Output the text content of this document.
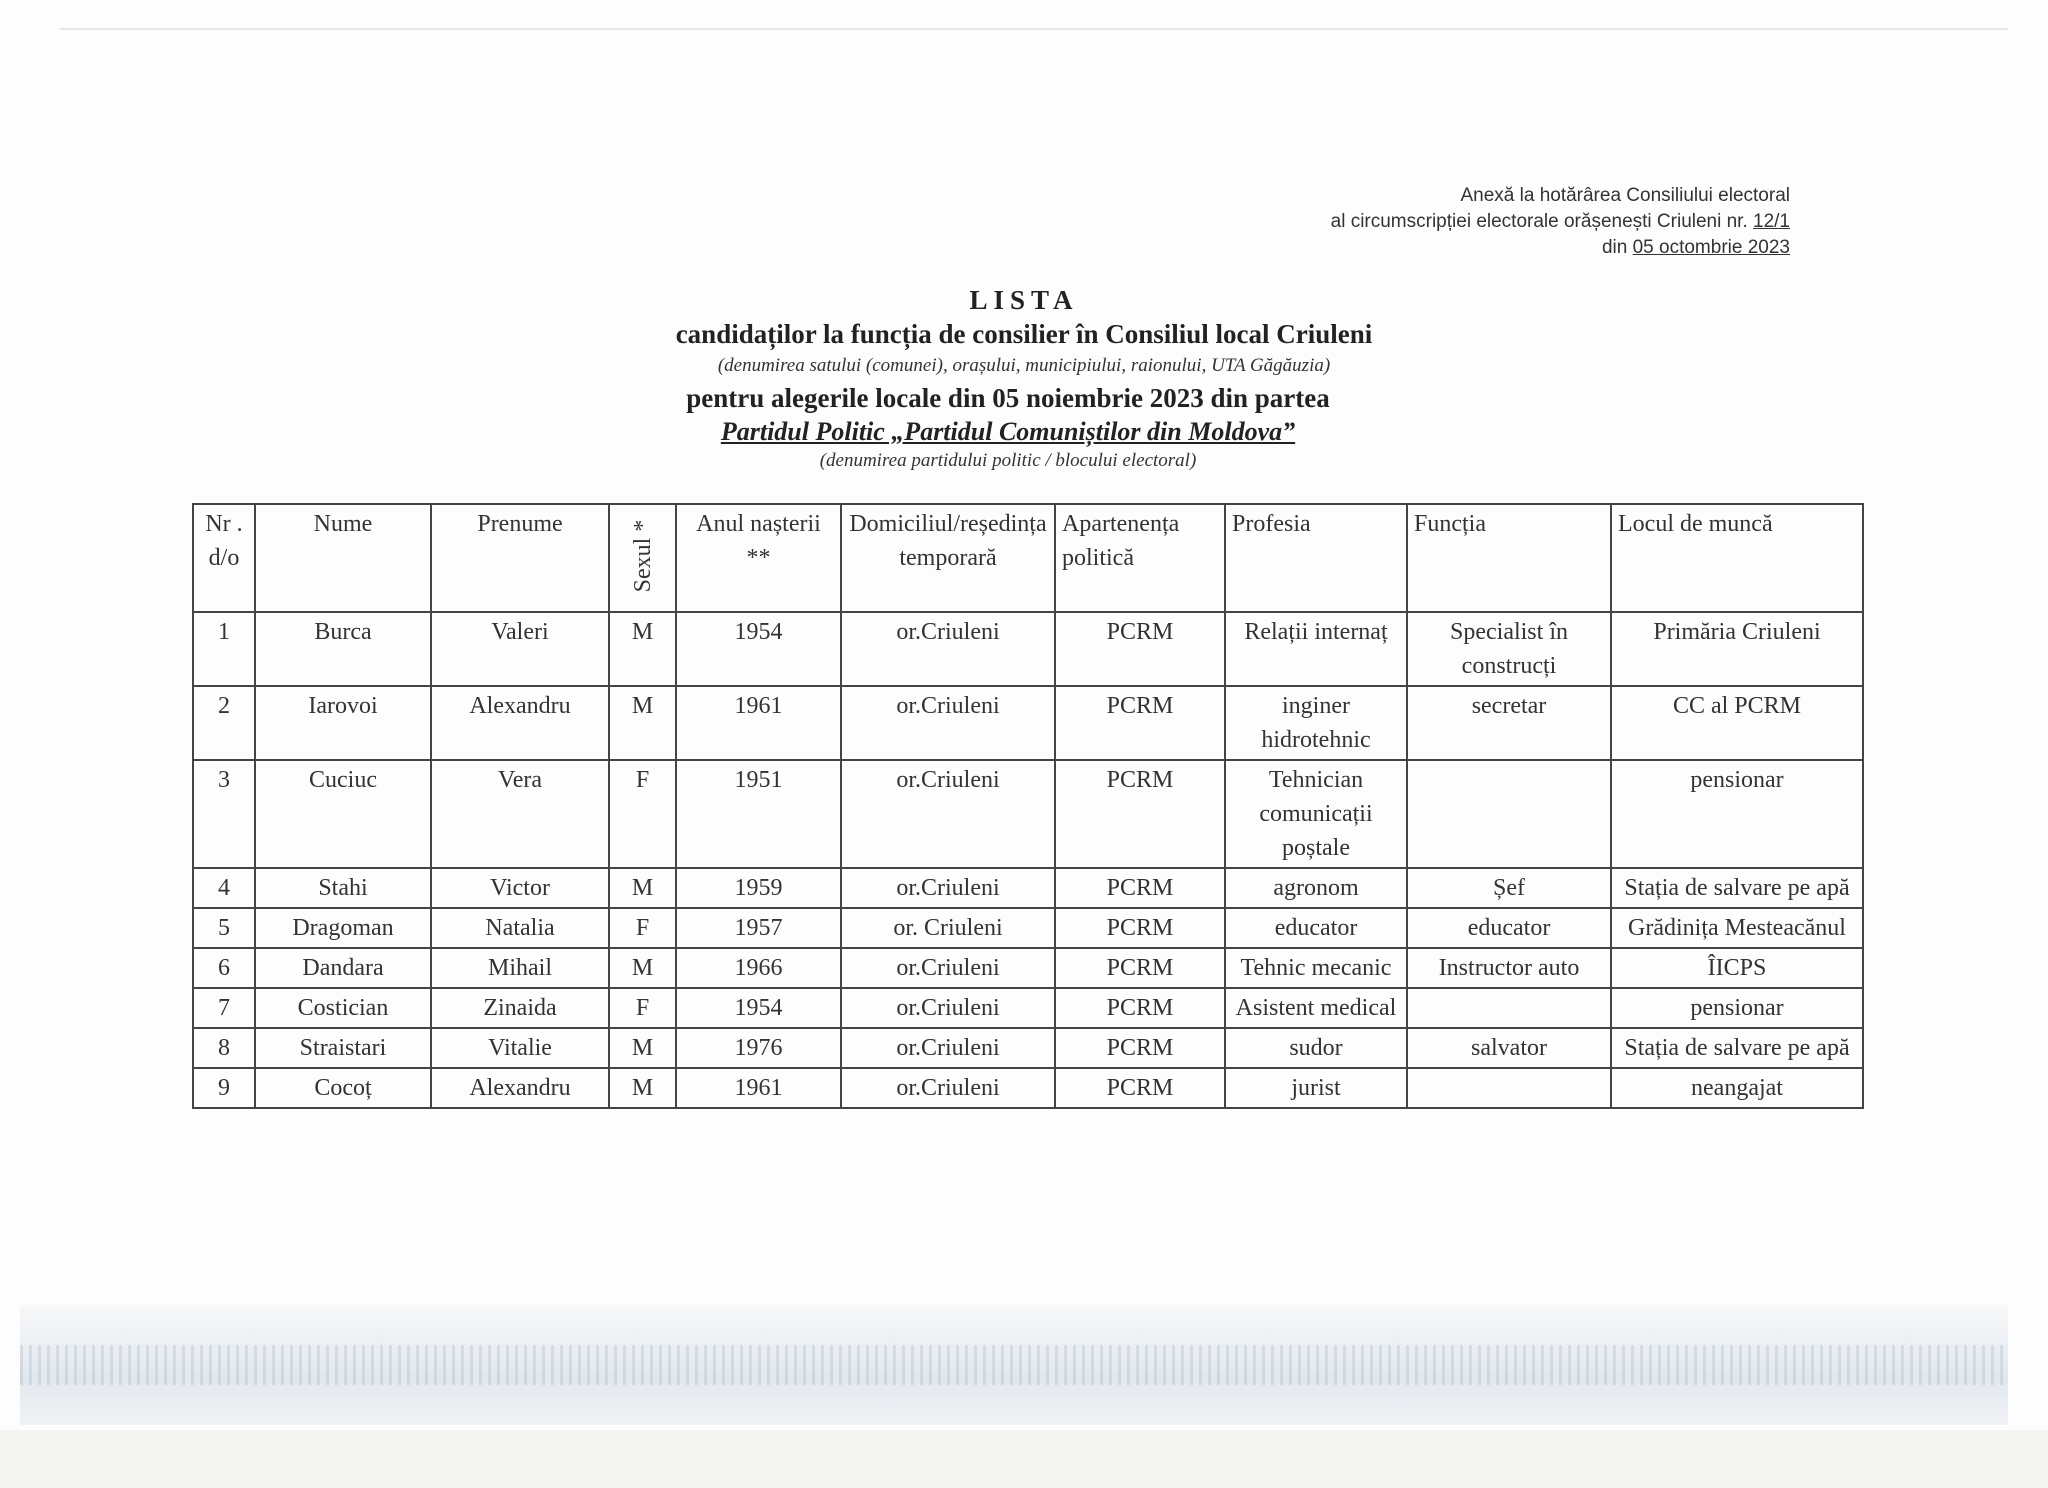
Anexă la hotărârea Consiliului electoral
al circumscripției electorale orășenești Criuleni nr. 12/1
din 05 octombrie 2023
LISTA
candidaților la funcția de consilier în Consiliul local Criuleni
(denumirea satului (comunei), orașului, municipiului, raionului, UTA Găgăuzia)
pentru alegerile locale din 05 noiembrie 2023 din partea
Partidul Politic „Partidul Comuniștilor din Moldova”
(denumirea partidului politic / blocului electoral)
Nr . d/o	Nume	Prenume	Sexul *	Anul nașterii **	Domiciliul/reședința temporară	Apartenența politică	Profesia	Funcția	Locul de muncă
1	Burca	Valeri	M	1954	or.Criuleni	PCRM	Relații internaț	Specialist în construcți	Primăria Criuleni
2	Iarovoi	Alexandru	M	1961	or.Criuleni	PCRM	inginer hidrotehnic	secretar	CC al PCRM
3	Cuciuc	Vera	F	1951	or.Criuleni	PCRM	Tehnician comunicații poștale		pensionar
4	Stahi	Victor	M	1959	or.Criuleni	PCRM	agronom	Șef	Stația de salvare pe apă
5	Dragoman	Natalia	F	1957	or. Criuleni	PCRM	educator	educator	Grădinița Mesteacănul
6	Dandara	Mihail	M	1966	or.Criuleni	PCRM	Tehnic mecanic	Instructor auto	ÎICPS
7	Costician	Zinaida	F	1954	or.Criuleni	PCRM	Asistent medical		pensionar
8	Straistari	Vitalie	M	1976	or.Criuleni	PCRM	sudor	salvator	Stația de salvare pe apă
9	Cocoț	Alexandru	M	1961	or.Criuleni	PCRM	jurist		neangajat
